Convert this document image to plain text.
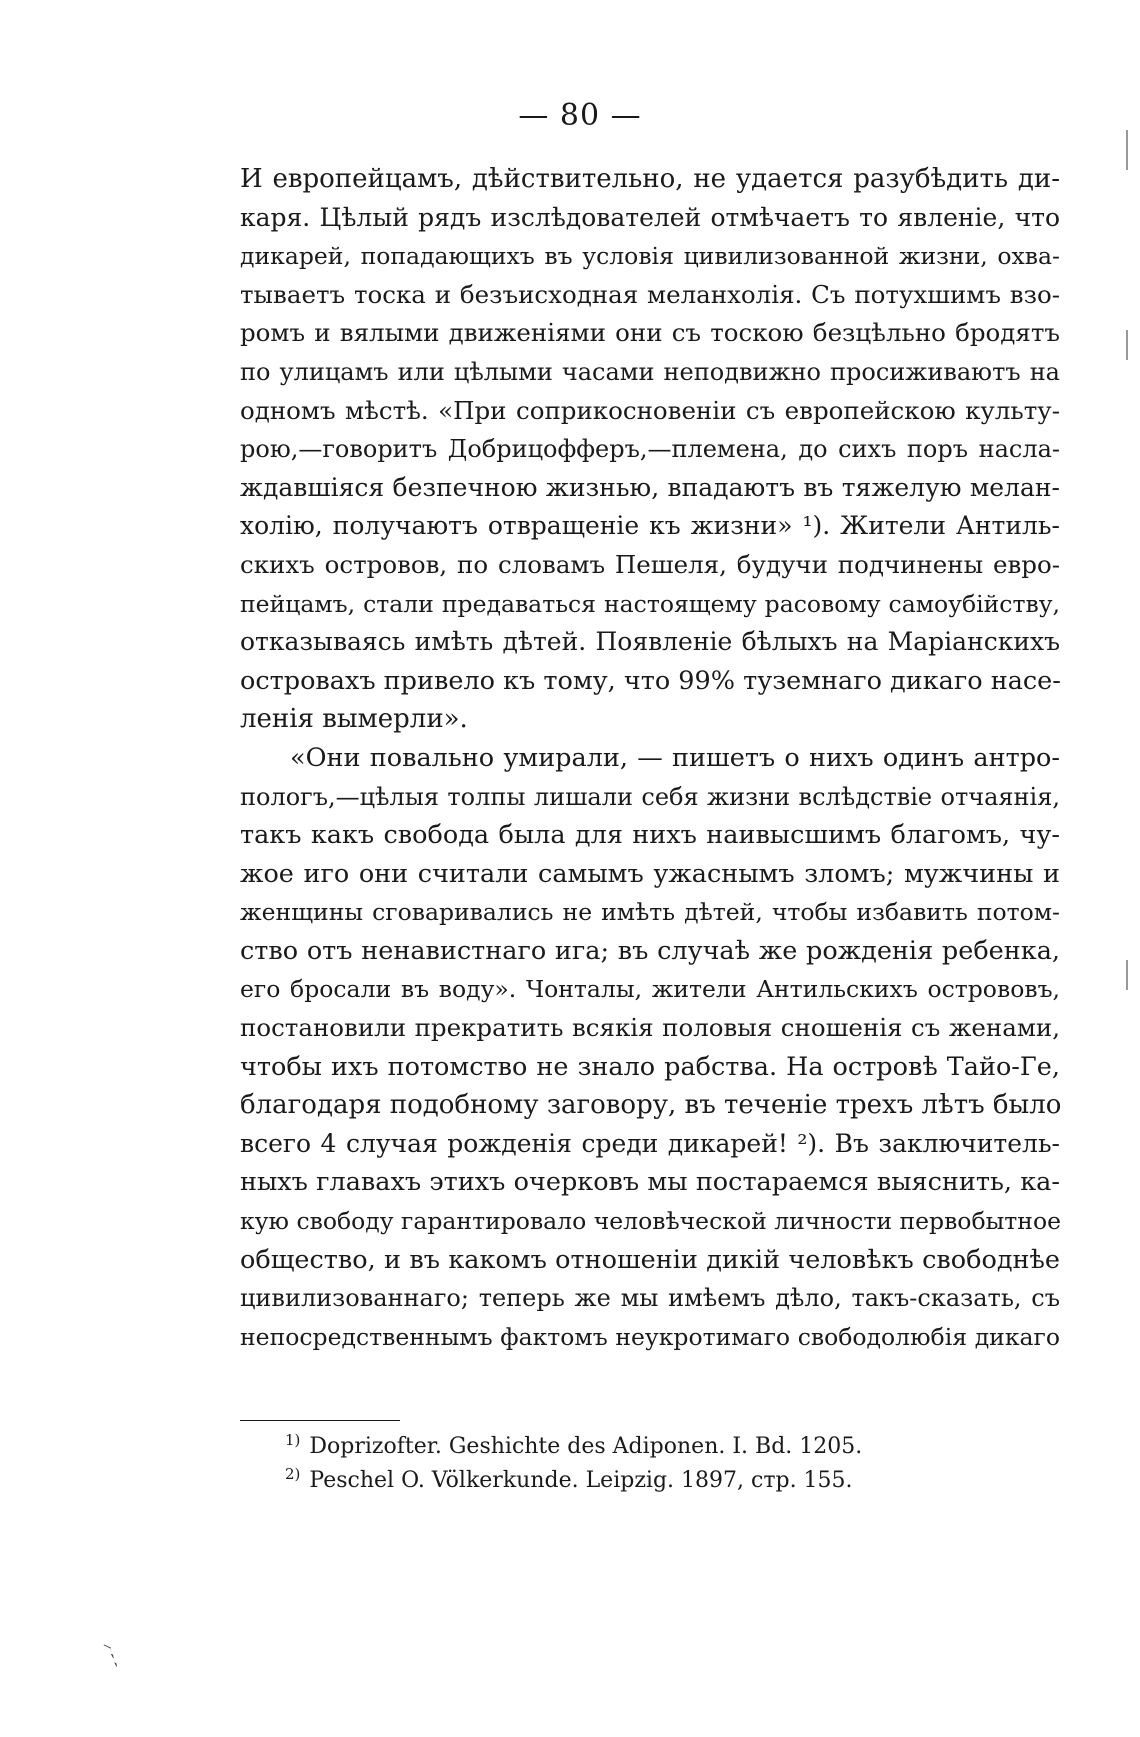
— 80 —
И европейцамъ, дѣйствительно, не удается разубѣдить ди-
каря. Цѣлый рядъ изслѣдователей отмѣчаетъ то явленіе, что
дикарей, попадающихъ въ условія цивилизованной жизни, охва-
тываетъ тоска и безъисходная меланхолія. Съ потухшимъ взо-
ромъ и вялыми движеніями они съ тоскою безцѣльно бродятъ
по улицамъ или цѣлыми часами неподвижно просиживаютъ на
одномъ мѣстѣ. «При соприкосновеніи съ европейскою культу-
рою,—говоритъ Добрицофферъ,—племена, до сихъ поръ насла-
ждавшіяся безпечною жизнью, впадаютъ въ тяжелую мелан-
холію, получаютъ отвращеніе къ жизни» ¹). Жители Антиль-
скихъ островов, по словамъ Пешеля, будучи подчинены евро-
пейцамъ, стали предаваться настоящему расовому самоубійству,
отказываясь имѣть дѣтей. Появленіе бѣлыхъ на Маріанскихъ
островахъ привело къ тому, что 99% туземнаго дикаго насе-
ленія вымерли».
«Они повально умирали, — пишетъ о нихъ одинъ антро-
пологъ,—цѣлыя толпы лишали себя жизни вслѣдствіе отчаянія,
такъ какъ свобода была для нихъ наивысшимъ благомъ, чу-
жое иго они считали самымъ ужаснымъ зломъ; мужчины и
женщины сговаривались не имѣть дѣтей, чтобы избавить потом-
ство отъ ненавистнаго ига; въ случаѣ же рожденія ребенка,
его бросали въ воду». Чонталы, жители Антильскихъ острововъ,
постановили прекратить всякія половыя сношенія съ женами,
чтобы ихъ потомство не знало рабства. На островѣ Тайо-Ге,
благодаря подобному заговору, въ теченіе трехъ лѣтъ было
всего 4 случая рожденія среди дикарей! ²). Въ заключитель-
ныхъ главахъ этихъ очерковъ мы постараемся выяснить, ка-
кую свободу гарантировало человѣческой личности первобытное
общество, и въ какомъ отношеніи дикій человѣкъ свободнѣе
цивилизованнаго; теперь же мы имѣемъ дѣло, такъ-сказать, съ
непосредственнымъ фактомъ неукротимаго свободолюбія дикаго
$^{1)}$ Doprizofter. Geshichte des Adiponen. I. Bd. 1205.
$^{2)}$ Peschel O. Völkerkunde. Leipzig. 1897, стр. 155.
⁻˴ˎ
